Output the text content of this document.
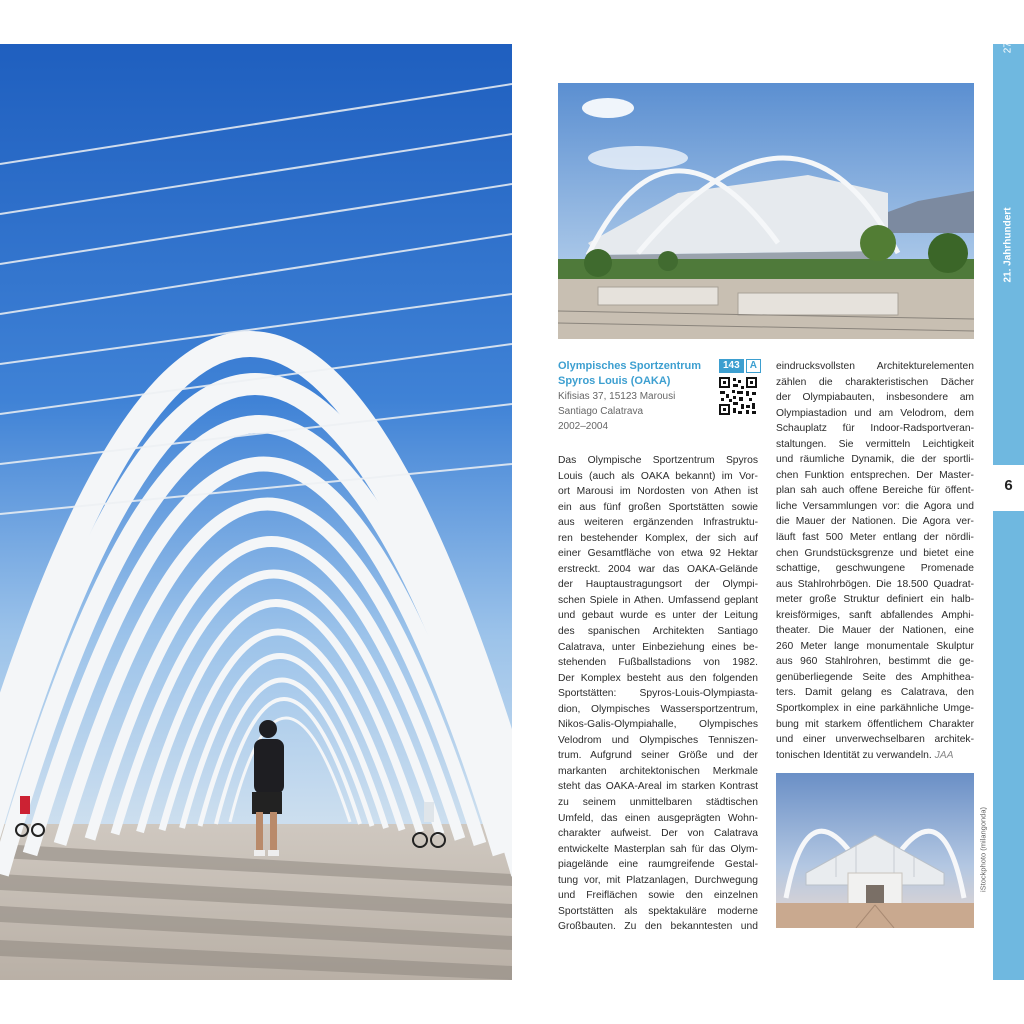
Olympisches Sportzentrum
Spyros Louis (OAKA)
Kifisias 37, 15123 Marousi
Santiago Calatrava
2002–2004
143	A
Das Olympische Sportzentrum Spyros
Louis (auch als OAKA bekannt) im Vor-
ort Marousi im Nordosten von Athen ist
ein aus fünf großen Sportstätten sowie
aus weiteren ergänzenden Infrastruktu-
ren bestehender Komplex, der sich auf
einer Gesamtfläche von etwa 92 Hektar
erstreckt. 2004 war das OAKA-Gelände
der Hauptaustragungsort der Olympi-
schen Spiele in Athen. Umfassend geplant
und gebaut wurde es unter der Leitung
des spanischen Architekten Santiago
Calatrava, unter Einbeziehung eines be-
stehenden Fußballstadions von 1982.
Der Komplex besteht aus den folgenden
Sportstätten: Spyros-Louis-Olympiasta-
dion, Olympisches Wassersportzentrum,
Nikos-Galis-Olympiahalle, Olympisches
Velodrom und Olympisches Tenniszen-
trum. Aufgrund seiner Größe und der
markanten architektonischen Merkmale
steht das OAKA-Areal im starken Kontrast
zu seinem unmittelbaren städtischen
Umfeld, das einen ausgeprägten Wohn-
charakter aufweist. Der von Calatrava
entwickelte Masterplan sah für das Olym-
piagelände eine raumgreifende Gestal-
tung vor, mit Platzanlagen, Durchwegung
und Freiflächen sowie den einzelnen
Sportstätten als spektakuläre moderne
Großbauten. Zu den bekanntesten und
eindrucksvollsten Architekturelementen
zählen die charakteristischen Dächer
der Olympiabauten, insbesondere am
Olympiastadion und am Velodrom, dem
Schauplatz für Indoor-Radsportveran-
staltungen. Sie vermitteln Leichtigkeit
und räumliche Dynamik, die der sportli-
chen Funktion entsprechen. Der Master-
plan sah auch offene Bereiche für öffent-
liche Versammlungen vor: die Agora und
die Mauer der Nationen. Die Agora ver-
läuft fast 500 Meter entlang der nördli-
chen Grundstücksgrenze und bietet eine
schattige, geschwungene Promenade
aus Stahlrohrbögen. Die 18.500 Quadrat-
meter große Struktur definiert ein halb-
kreisförmiges, sanft abfallendes Amphi-
theater. Die Mauer der Nationen, eine
260 Meter lange monumentale Skulptur
aus 960 Stahlrohren, bestimmt die ge-
genüberliegende Seite des Amphithea-
ters. Damit gelang es Calatrava, den
Sportkomplex in eine parkähnliche Umge-
bung mit starkem öffentlichem Charakter
und einer unverwechselbaren architek-
tonischen Identität zu verwandeln. JAA
iStockphoto (milangonda)
21. Jahrhundert
279
6
